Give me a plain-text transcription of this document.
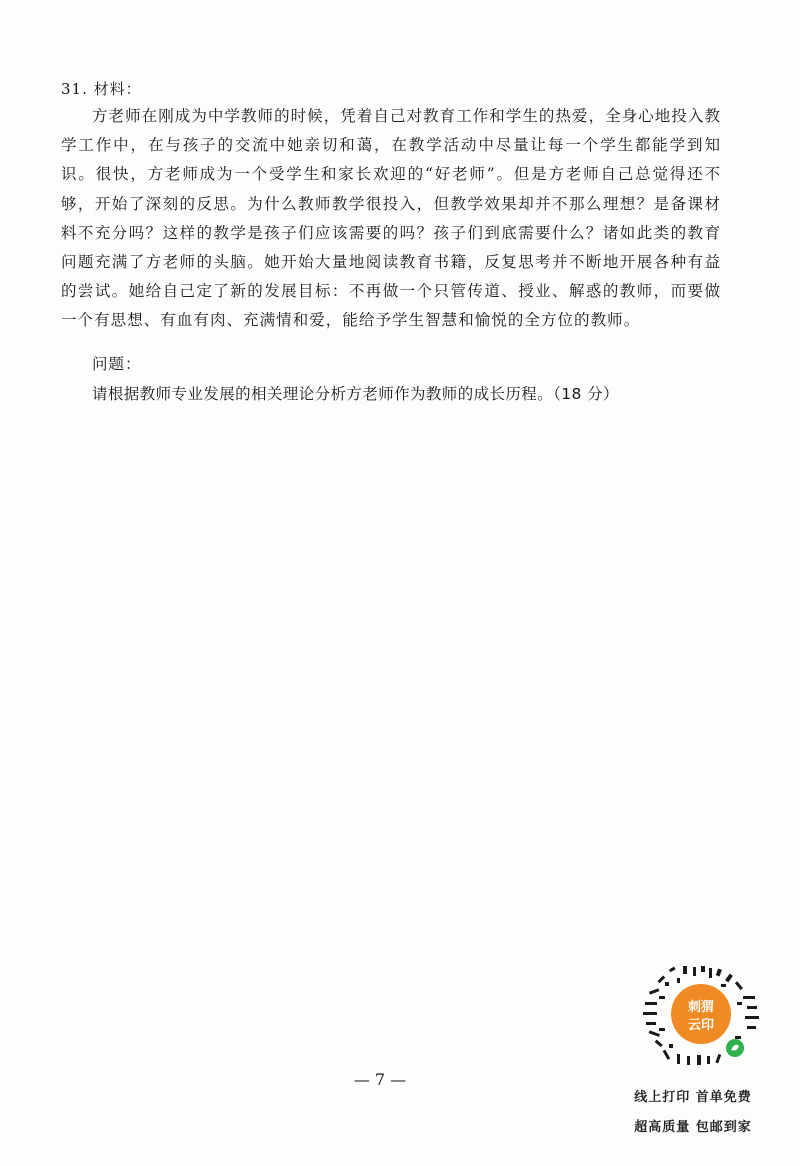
31. 材料：

方老师在刚成为中学教师的时候，凭着自己对教育工作和学生的热爱，全身心地投入教学工作中，在与孩子的交流中她亲切和蔼，在教学活动中尽量让每一个学生都能学到知识。很快，方老师成为一个受学生和家长欢迎的“好老师”。但是方老师自己总觉得还不够，开始了深刻的反思。为什么教师教学很投入，但教学效果却并不那么理想？是备课材料不充分吗？这样的教学是孩子们应该需要的吗？孩子们到底需要什么？诸如此类的教育问题充满了方老师的头脑。她开始大量地阅读教育书籍，反复思考并不断地开展各种有益的尝试。她给自己定了新的发展目标：不再做一个只管传道、授业、解惑的教师，而要做一个有思想、有血有肉、充满情和爱，能给予学生智慧和愉悦的全方位的教师。

问题：
请根据教师专业发展的相关理论分析方老师作为教师的成长历程。（18 分）
— 7 —
刺猬
云印
线上打印 首单免费
超高质量 包邮到家
